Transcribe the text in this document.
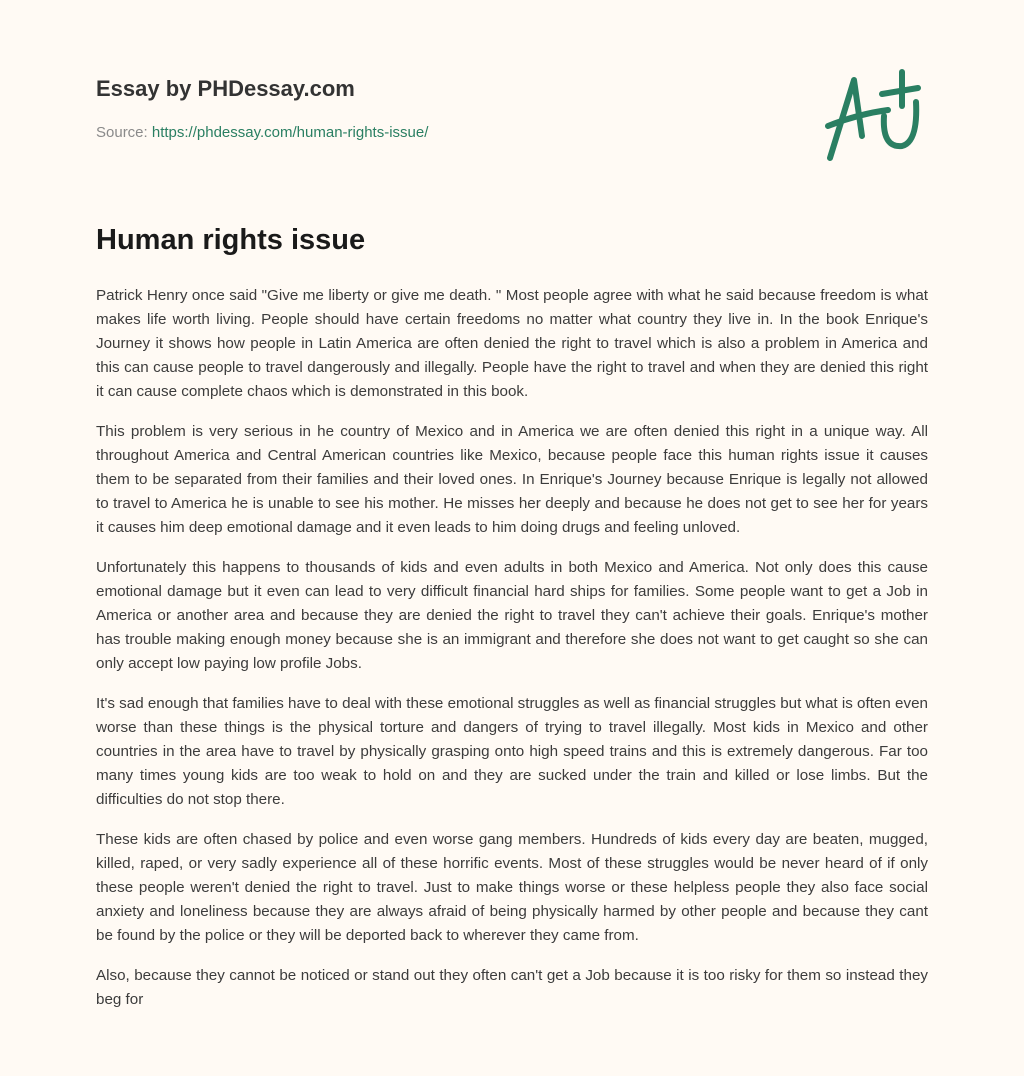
Essay by PHDessay.com
Source: https://phdessay.com/human-rights-issue/
Human rights issue

Patrick Henry once said "Give me liberty or give me death. " Most people agree with what he said because freedom is what makes life worth living. People should have certain freedoms no matter what country they live in. In the book Enrique's Journey it shows how people in Latin America are often denied the right to travel which is also a problem in America and this can cause people to travel dangerously and illegally. People have the right to travel and when they are denied this right it can cause complete chaos which is demonstrated in this book.

This problem is very serious in he country of Mexico and in America we are often denied this right in a unique way. All throughout America and Central American countries like Mexico, because people face this human rights issue it causes them to be separated from their families and their loved ones. In Enrique's Journey because Enrique is legally not allowed to travel to America he is unable to see his mother. He misses her deeply and because he does not get to see her for years it causes him deep emotional damage and it even leads to him doing drugs and feeling unloved.

Unfortunately this happens to thousands of kids and even adults in both Mexico and America. Not only does this cause emotional damage but it even can lead to very difficult financial hard ships for families. Some people want to get a Job in America or another area and because they are denied the right to travel they can't achieve their goals. Enrique's mother has trouble making enough money because she is an immigrant and therefore she does not want to get caught so she can only accept low paying low profile Jobs.

It's sad enough that families have to deal with these emotional struggles as well as financial struggles but what is often even worse than these things is the physical torture and dangers of trying to travel illegally. Most kids in Mexico and other countries in the area have to travel by physically grasping onto high speed trains and this is extremely dangerous. Far too many times young kids are too weak to hold on and they are sucked under the train and killed or lose limbs. But the difficulties do not stop there.

These kids are often chased by police and even worse gang members. Hundreds of kids every day are beaten, mugged, killed, raped, or very sadly experience all of these horrific events. Most of these struggles would be never heard of if only these people weren't denied the right to travel. Just to make things worse or these helpless people they also face social anxiety and loneliness because they are always afraid of being physically harmed by other people and because they cant be found by the police or they will be deported back to wherever they came from.

Also, because they cannot be noticed or stand out they often can't get a Job because it is too risky for them so instead they beg for
